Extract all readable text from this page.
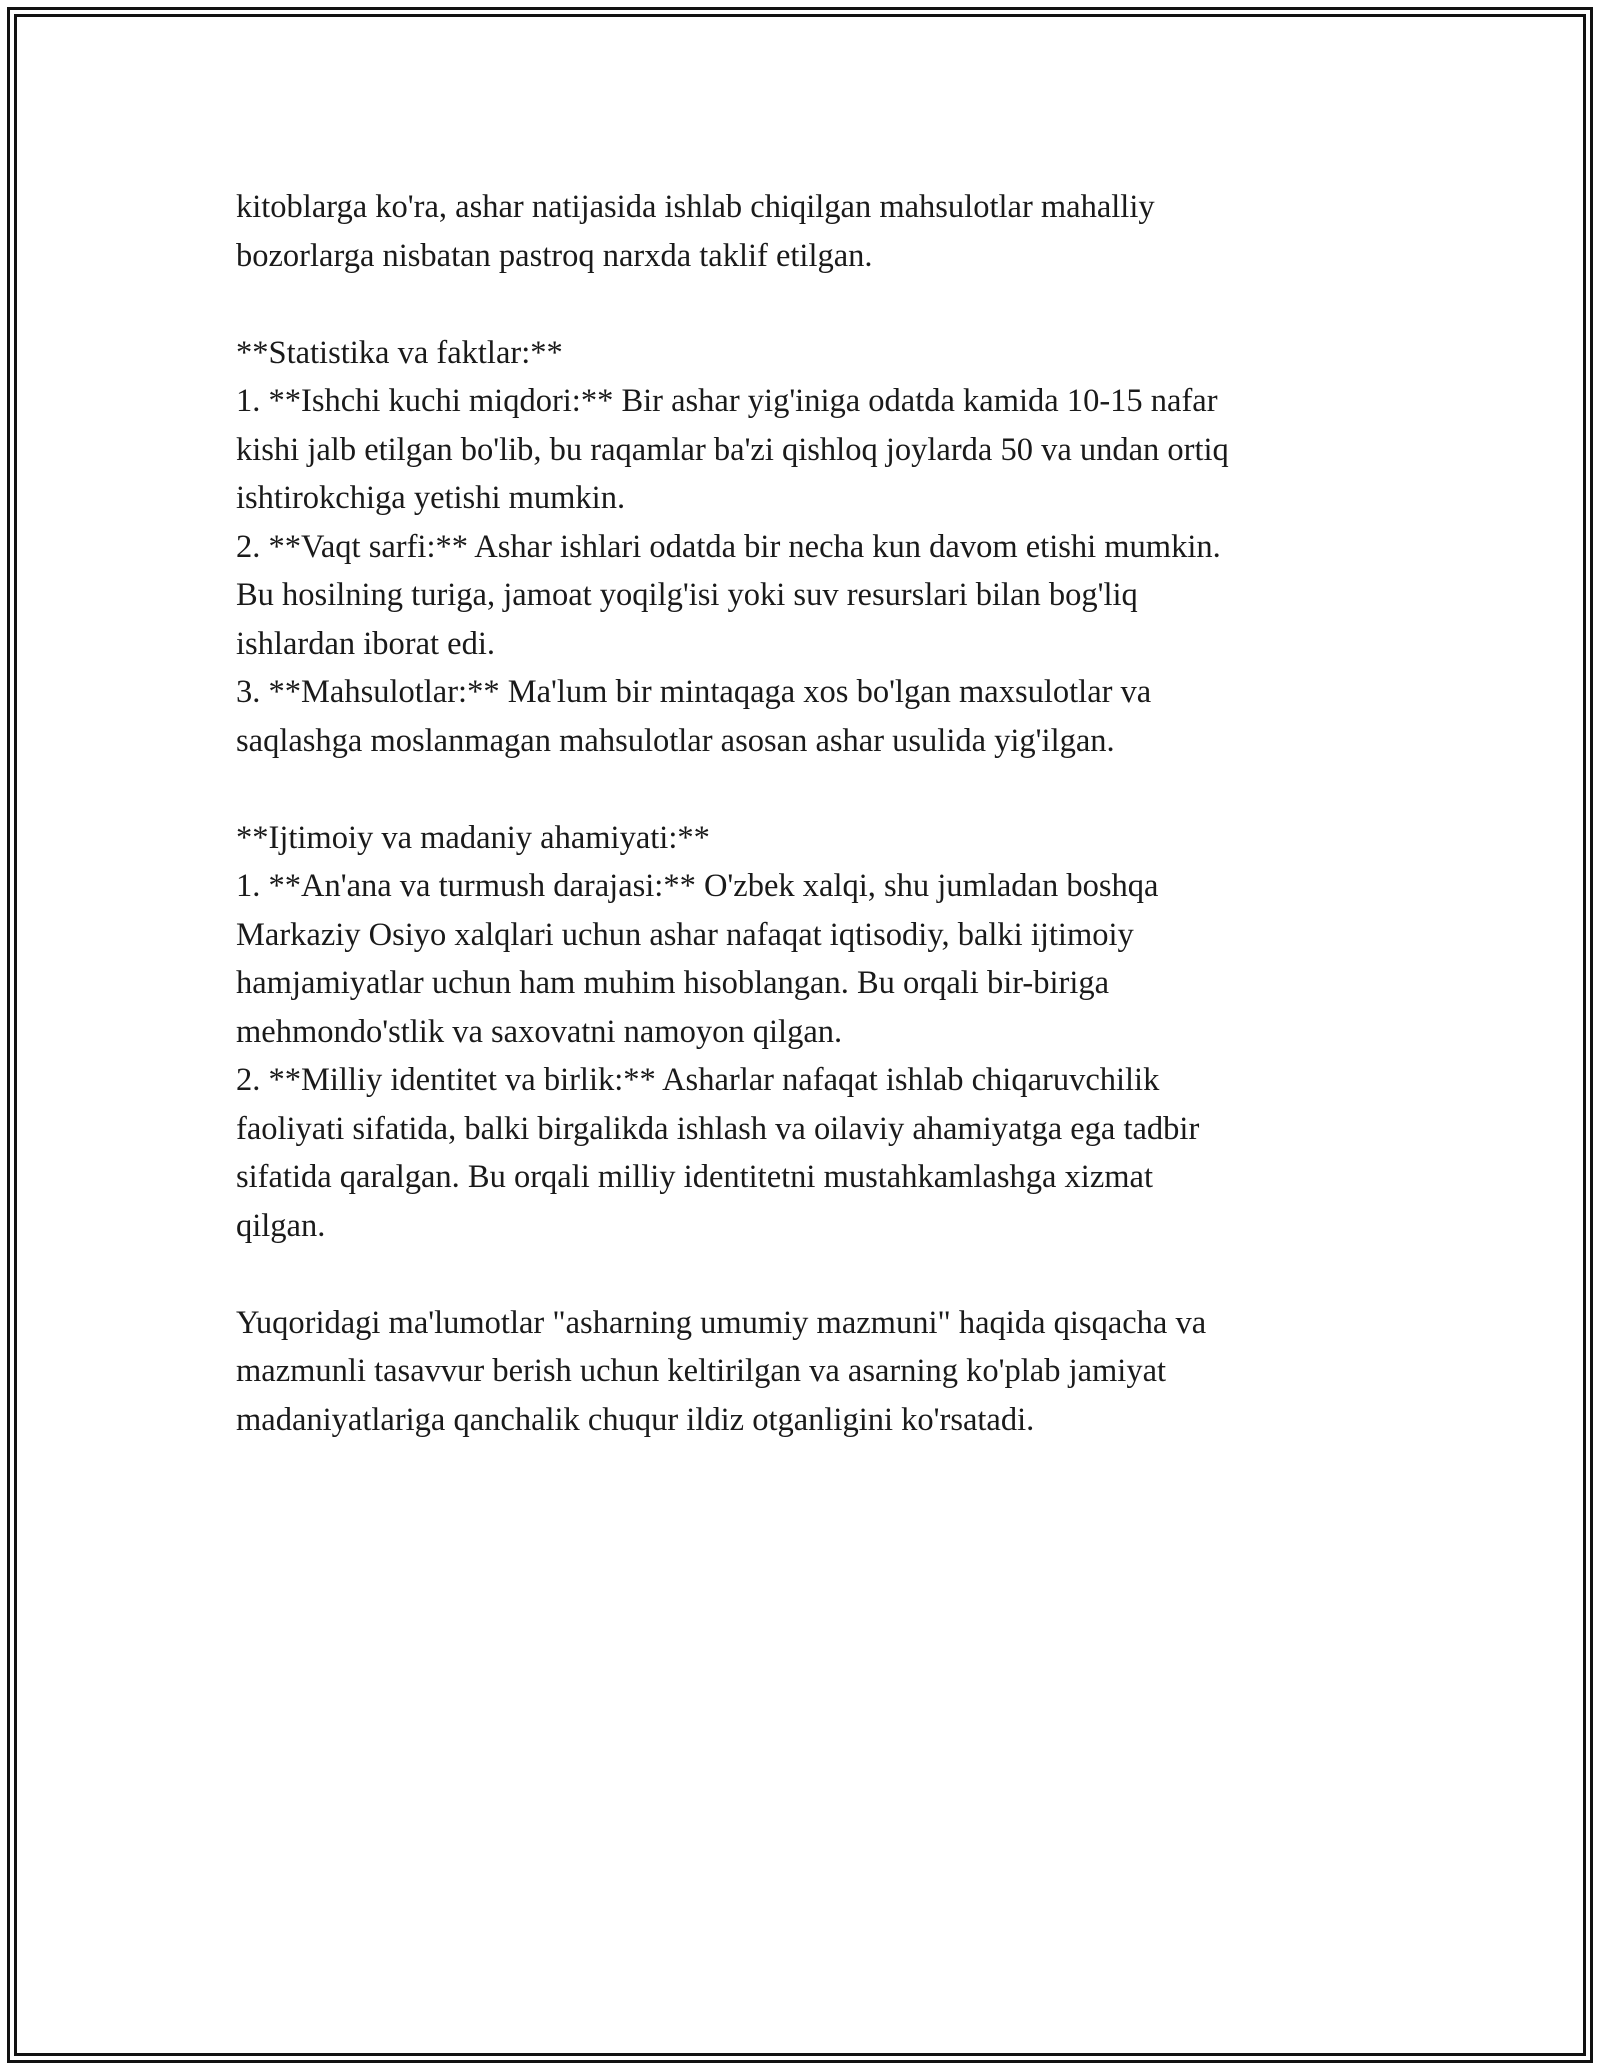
kitoblarga ko'ra, ashar natijasida ishlab chiqilgan mahsulotlar mahalliy
bozorlarga nisbatan pastroq narxda taklif etilgan.
**Statistika va faktlar:**
1. **Ishchi kuchi miqdori:** Bir ashar yig'iniga odatda kamida 10-15 nafar
kishi jalb etilgan bo'lib, bu raqamlar ba'zi qishloq joylarda 50 va undan ortiq
ishtirokchiga yetishi mumkin.
2. **Vaqt sarfi:** Ashar ishlari odatda bir necha kun davom etishi mumkin.
Bu hosilning turiga, jamoat yoqilg'isi yoki suv resurslari bilan bog'liq
ishlardan iborat edi.
3. **Mahsulotlar:** Ma'lum bir mintaqaga xos bo'lgan maxsulotlar va
saqlashga moslanmagan mahsulotlar asosan ashar usulida yig'ilgan.
**Ijtimoiy va madaniy ahamiyati:**
1. **An'ana va turmush darajasi:** O'zbek xalqi, shu jumladan boshqa
Markaziy Osiyo xalqlari uchun ashar nafaqat iqtisodiy, balki ijtimoiy
hamjamiyatlar uchun ham muhim hisoblangan. Bu orqali bir-biriga
mehmondo'stlik va saxovatni namoyon qilgan.
2. **Milliy identitet va birlik:** Asharlar nafaqat ishlab chiqaruvchilik
faoliyati sifatida, balki birgalikda ishlash va oilaviy ahamiyatga ega tadbir
sifatida qaralgan. Bu orqali milliy identitetni mustahkamlashga xizmat
qilgan.
Yuqoridagi ma'lumotlar "asharning umumiy mazmuni" haqida qisqacha va
mazmunli tasavvur berish uchun keltirilgan va asarning ko'plab jamiyat
madaniyatlariga qanchalik chuqur ildiz otganligini ko'rsatadi.
